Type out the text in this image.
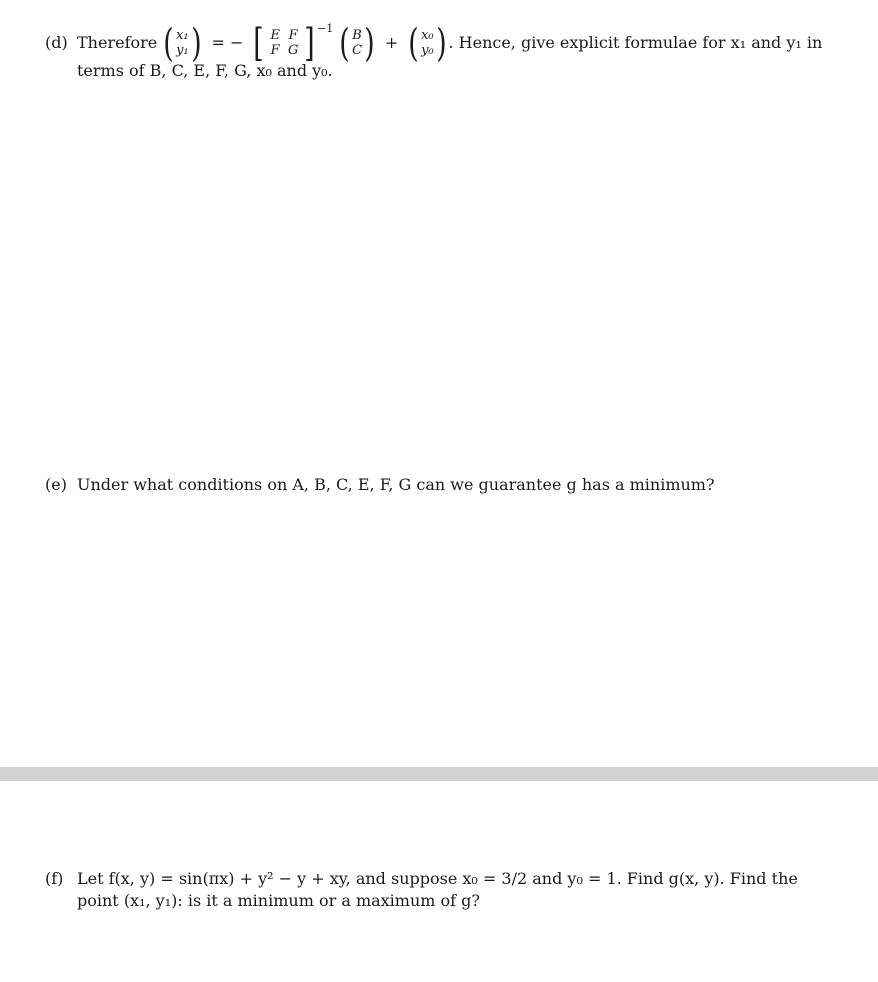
(d) Therefore ( x₁
y₁ ) = − [ E F
F G ] −1 ( B
C ) + ( x₀
y₀ ) . Hence, give explicit formulae for x₁ and y₁ in
terms of B, C, E, F, G, x₀ and y₀.
(e) Under what conditions on A, B, C, E, F, G can we guarantee g has a minimum?
(f) Let f(x, y) = sin(πx) + y² − y + xy, and suppose x₀ = 3/2 and y₀ = 1. Find g(x, y). Find the
point (x₁, y₁): is it a minimum or a maximum of g?
